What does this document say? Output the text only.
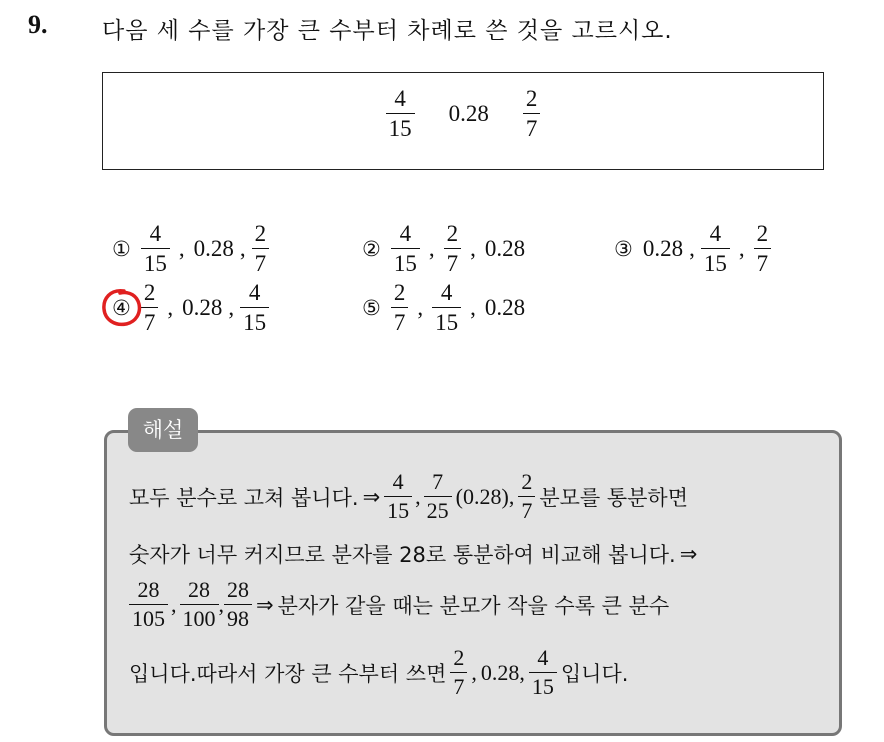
9. 다음 세 수를 가장 큰 수부터 차례로 쓴 것을 고르시오.
$\frac{4}{15} 0.28 \frac{2}{7}$
① $\frac{4}{15}$ , 0.28 , $\frac{2}{7}$	② $\frac{4}{15}$ , $\frac{2}{7}$ , 0.28	③ 0.28 , $\frac{4}{15}$ , $\frac{2}{7}$
④ $\frac{2}{7}$ , 0.28 , $\frac{4}{15}$	⑤ $\frac{2}{7}$ , $\frac{4}{15}$ , 0.28
해설
모두 분수로 고쳐 봅니다. ⇒ $\frac{4}{15}$ , $\frac{7}{25} (0.28)$, $\frac{2}{7}$ 분모를 통분하면
숫자가 너무 커지므로 분자를 28로 통분하여 비교해 봅니다. ⇒
$\frac{28}{105}$ , $\frac{28}{100}$ , $\frac{28}{98}$ ⇒ 분자가 같을 때는 분모가 작을 수록 큰 분수
입니다.따라서 가장 큰 수부터 쓰면 $\frac{2}{7}$ , 0.28, $\frac{4}{15}$ 입니다.
